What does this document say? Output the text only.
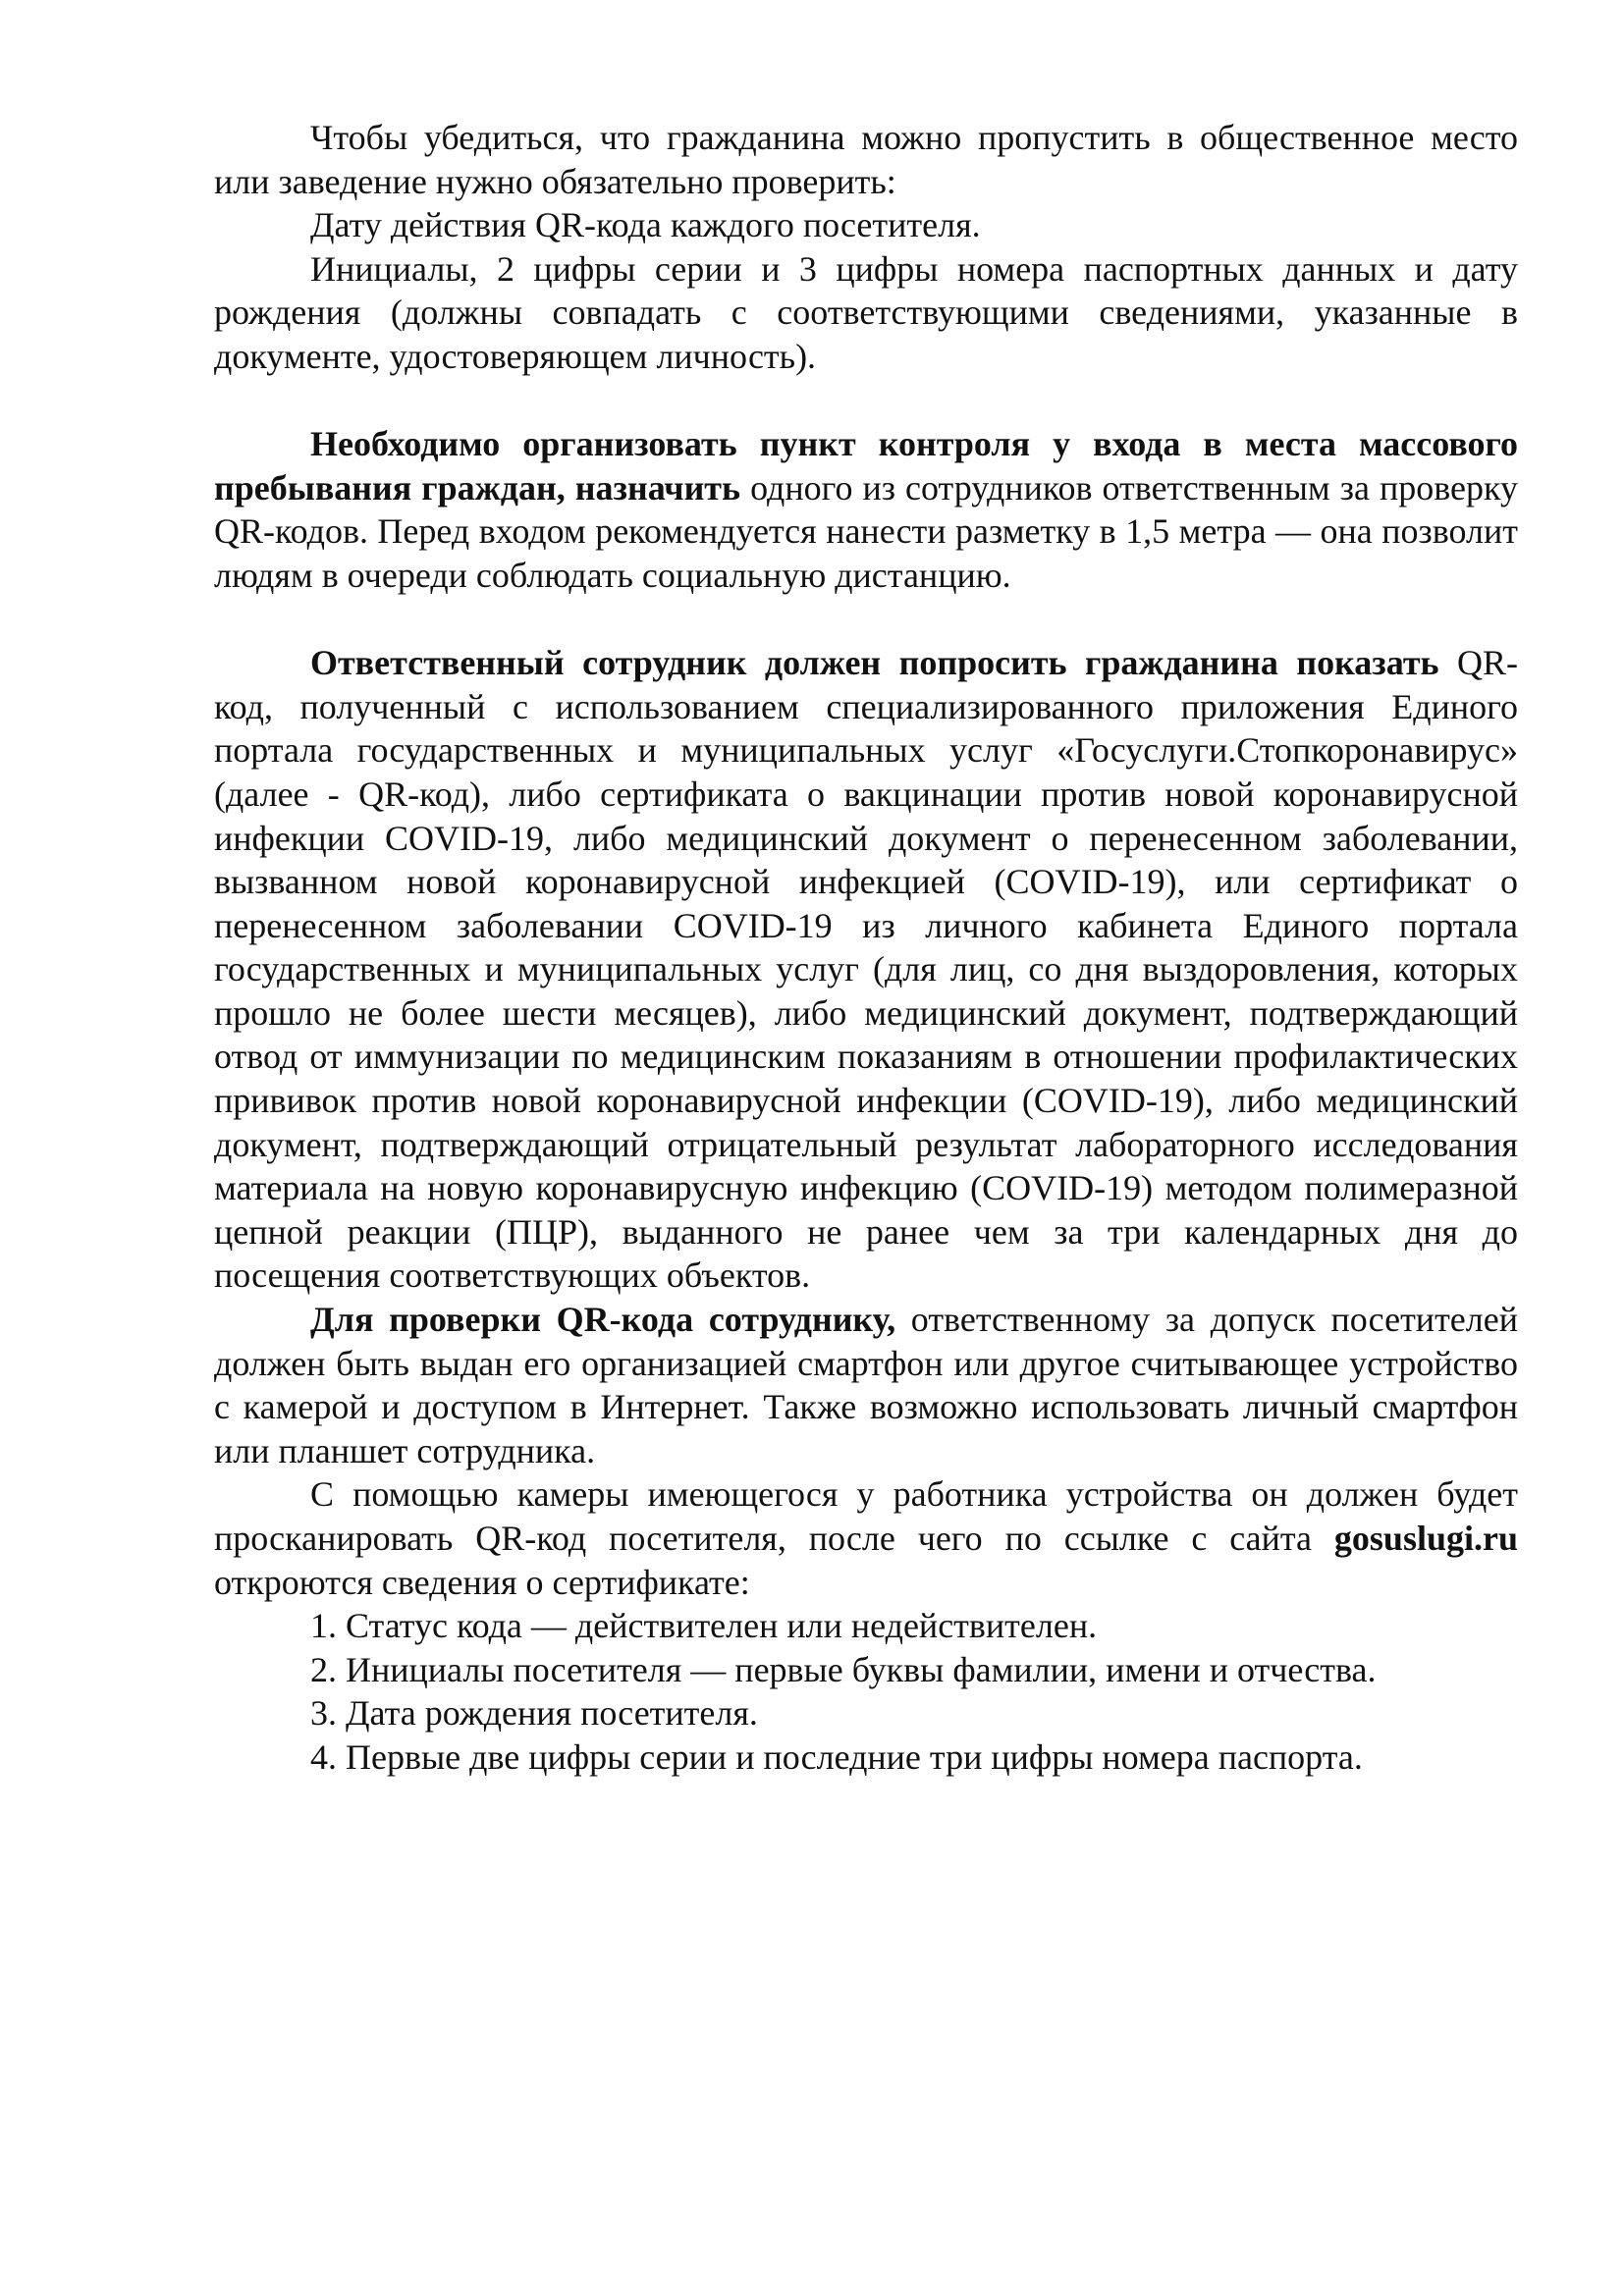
Чтобы убедиться, что гражданина можно пропустить в общественное место или заведение нужно обязательно проверить:

Дату действия QR-кода каждого посетителя.

Инициалы, 2 цифры серии и 3 цифры номера паспортных данных и дату рождения (должны совпадать с соответствующими сведениями, указанные в документе, удостоверяющем личность).

Необходимо организовать пункт контроля у входа в места массового пребывания граждан, назначить одного из сотрудников ответственным за проверку QR-кодов. Перед входом рекомендуется нанести разметку в 1,5 метра — она позволит людям в очереди соблюдать социальную дистанцию.

Ответственный сотрудник должен попросить гражданина показать QR-код, полученный с использованием специализированного приложения Единого портала государственных и муниципальных услуг «Госуслуги.Стопкоронавирус» (далее - QR-код), либо сертификата о вакцинации против новой коронавирусной инфекции COVID-19, либо медицинский документ о перенесенном заболевании, вызванном новой коронавирусной инфекцией (COVID-19), или сертификат о перенесенном заболевании COVID-19 из личного кабинета Единого портала государственных и муниципальных услуг (для лиц, со дня выздоровления, которых прошло не более шести месяцев), либо медицинский документ, подтверждающий отвод от иммунизации по медицинским показаниям в отношении профилактических прививок против новой коронавирусной инфекции (COVID-19), либо медицинский документ, подтверждающий отрицательный результат лабораторного исследования материала на новую коронавирусную инфекцию (COVID-19) методом полимеразной цепной реакции (ПЦР), выданного не ранее чем за три календарных дня до посещения соответствующих объектов.

Для проверки QR-кода сотруднику, ответственному за допуск посетителей должен быть выдан его организацией смартфон или другое считывающее устройство с камерой и доступом в Интернет. Также возможно использовать личный смартфон или планшет сотрудника.

С помощью камеры имеющегося у работника устройства он должен будет просканировать QR-код посетителя, после чего по ссылке с сайта gosuslugi.ru откроются сведения о сертификате:

1. Статус кода — действителен или недействителен.
2. Инициалы посетителя — первые буквы фамилии, имени и отчества.
3. Дата рождения посетителя.
4. Первые две цифры серии и последние три цифры номера паспорта.
